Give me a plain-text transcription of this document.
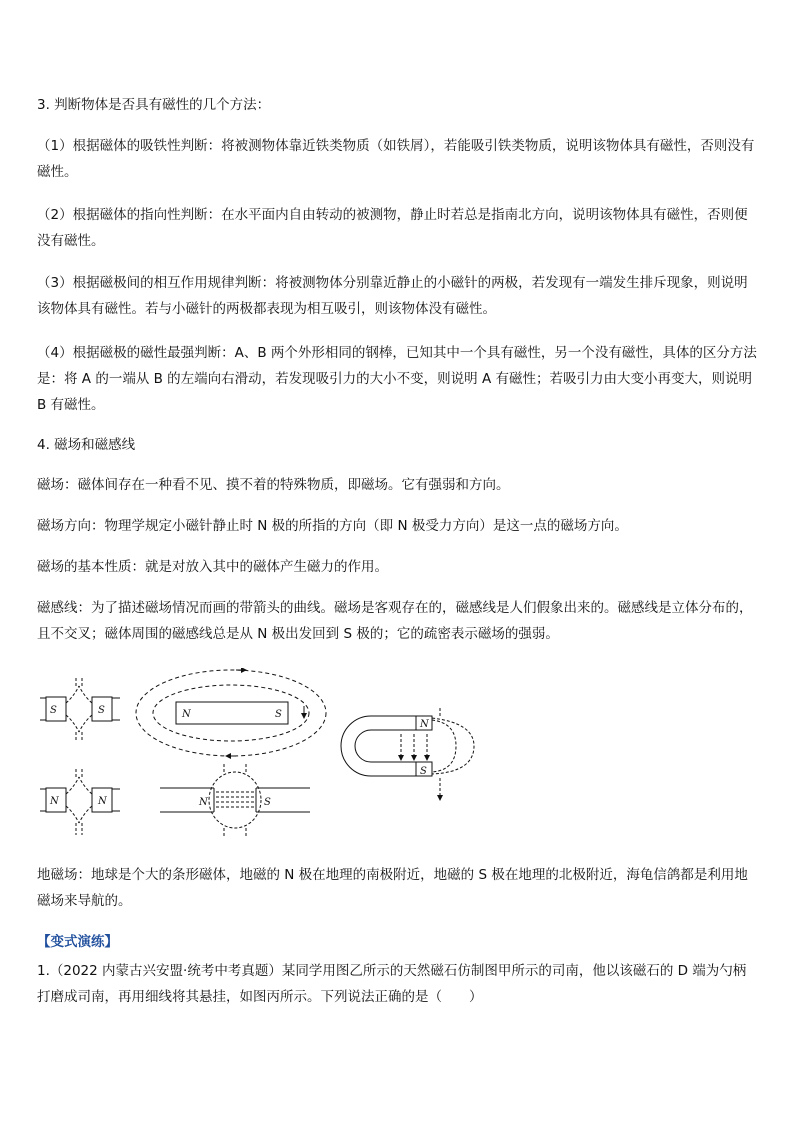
3. 判断物体是否具有磁性的几个方法：

（1）根据磁体的吸铁性判断：将被测物体靠近铁类物质（如铁屑），若能吸引铁类物质，说明该物体具有磁性，否则没有磁性。

（2）根据磁体的指向性判断：在水平面内自由转动的被测物，静止时若总是指南北方向，说明该物体具有磁性，否则便没有磁性。

（3）根据磁极间的相互作用规律判断：将被测物体分别靠近静止的小磁针的两极，若发现有一端发生排斥现象，则说明该物体具有磁性。若与小磁针的两极都表现为相互吸引，则该物体没有磁性。

（4）根据磁极的磁性最强判断：A、B 两个外形相同的钢棒，已知其中一个具有磁性，另一个没有磁性，具体的区分方法是：将 A 的一端从 B 的左端向右滑动，若发现吸引力的大小不变，则说明 A 有磁性；若吸引力由大变小再变大，则说明 B 有磁性。

4. 磁场和磁感线

磁场：磁体间存在一种看不见、摸不着的特殊物质，即磁场。它有强弱和方向。

磁场方向：物理学规定小磁针静止时 N 极的所指的方向（即 N 极受力方向）是这一点的磁场方向。

磁场的基本性质：就是对放入其中的磁体产生磁力的作用。

磁感线：为了描述磁场情况而画的带箭头的曲线。磁场是客观存在的，磁感线是人们假象出来的。磁感线是立体分布的，且不交叉；磁体周围的磁感线总是从 N 极出发回到 S 极的；它的疏密表示磁场的强弱。

S	S
N	N
N	S
N
S
N	S

地磁场：地球是个大的条形磁体，地磁的 N 极在地理的南极附近，地磁的 S 极在地理的北极附近，海龟信鸽都是利用地磁场来导航的。

【变式演练】

1.（2022 内蒙古兴安盟·统考中考真题）某同学用图乙所示的天然磁石仿制图甲所示的司南，他以该磁石的 D 端为勺柄打磨成司南，再用细线将其悬挂，如图丙所示。下列说法正确的是（　　）
